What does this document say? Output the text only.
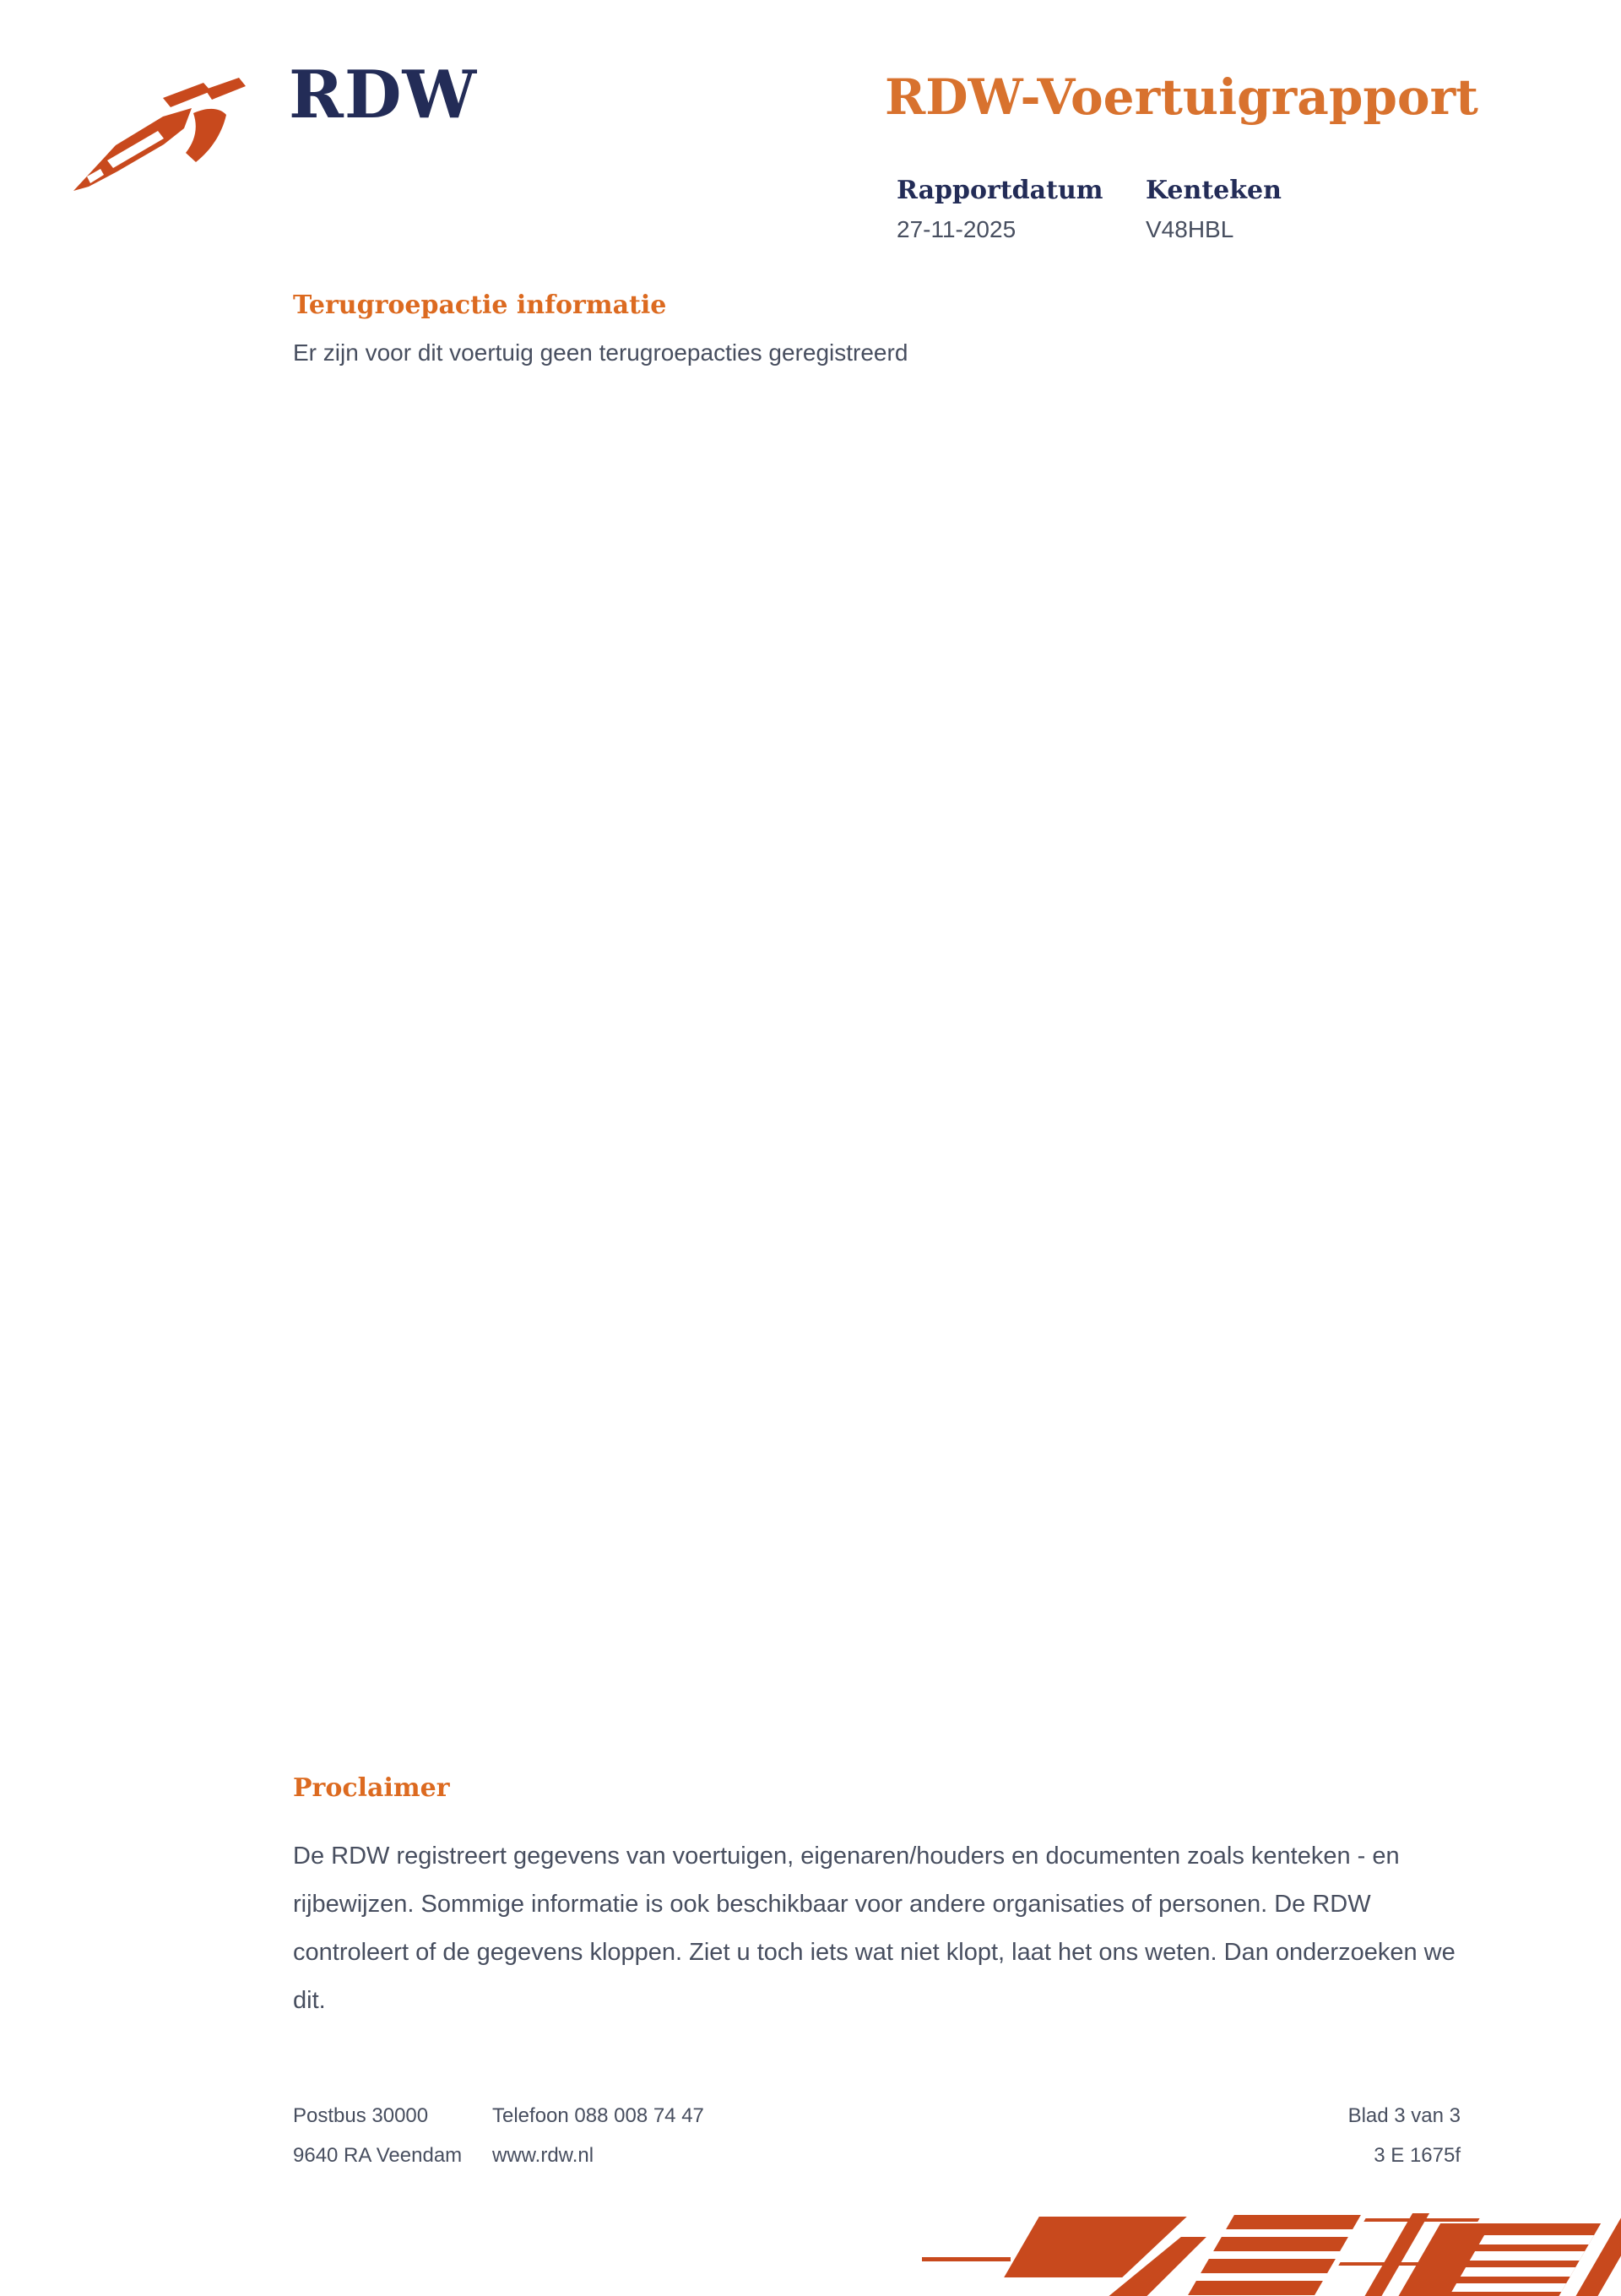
RDW	RDW-Voertuigrapport
Rapportdatum
27-11-2025
Kenteken
V48HBL
Terugroepactie informatie
Er zijn voor dit voertuig geen terugroepacties geregistreerd
Proclaimer
De RDW registreert gegevens van voertuigen, eigenaren/houders en documenten zoals kenteken - en rijbewijzen. Sommige informatie is ook beschikbaar voor andere organisaties of personen. De RDW controleert of de gegevens kloppen. Ziet u toch iets wat niet klopt, laat het ons weten. Dan onderzoeken we dit.
Postbus 30000
9640 RA Veendam
Telefoon 088 008 74 47
www.rdw.nl
Blad 3 van 3
3 E 1675f
